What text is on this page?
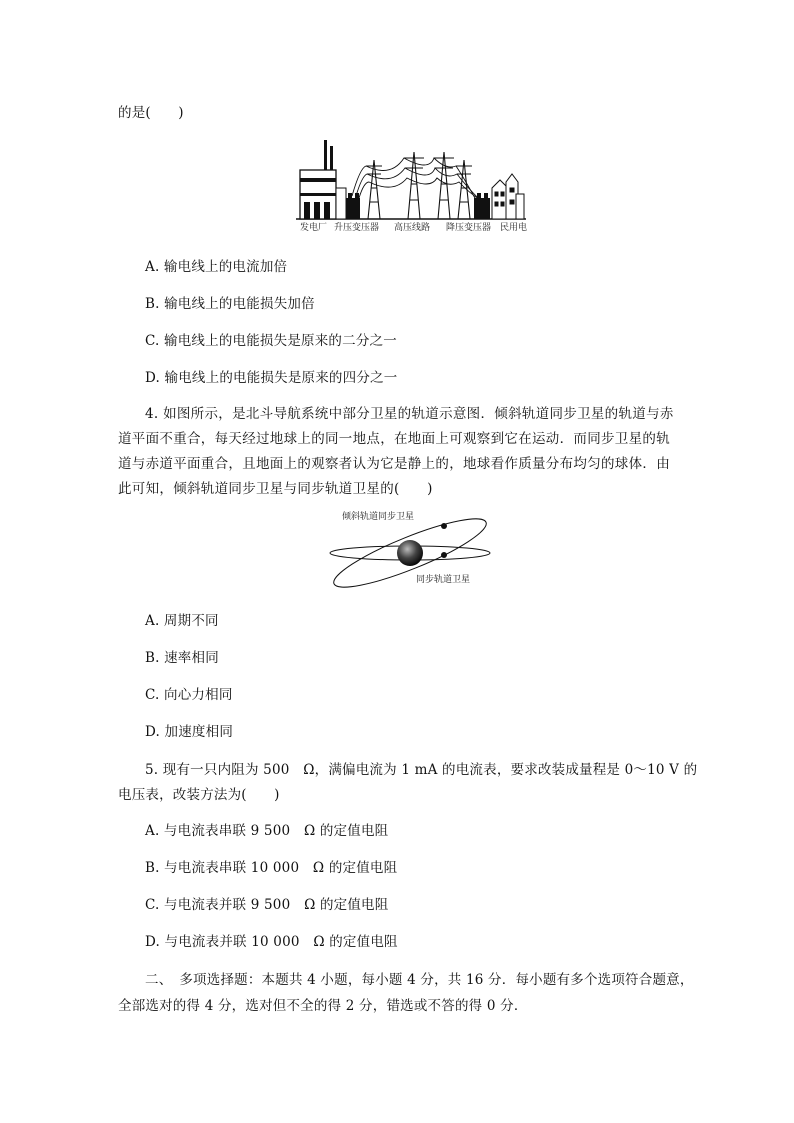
的是(　　)
发电厂 升压变压器 高压线路 降压变压器 民用电
A. 输电线上的电流加倍
B. 输电线上的电能损失加倍
C. 输电线上的电能损失是原来的二分之一
D. 输电线上的电能损失是原来的四分之一
4. 如图所示，是北斗导航系统中部分卫星的轨道示意图．倾斜轨道同步卫星的轨道与赤道平面不重合，每天经过地球上的同一地点，在地面上可观察到它在运动．而同步卫星的轨道与赤道平面重合，且地面上的观察者认为它是静上的，地球看作质量分布均匀的球体．由此可知，倾斜轨道同步卫星与同步轨道卫星的(　　)
倾斜轨道同步卫星
同步轨道卫星
A. 周期不同
B. 速率相同
C. 向心力相同
D. 加速度相同
5. 现有一只内阻为 500　Ω，满偏电流为 1 mA 的电流表，要求改装成量程是 0～10 V 的
电压表，改装方法为(　　)
A. 与电流表串联 9 500　Ω 的定值电阻
B. 与电流表串联 10 000　Ω 的定值电阻
C. 与电流表并联 9 500　Ω 的定值电阻
D. 与电流表并联 10 000　Ω 的定值电阻
二、　多项选择题：本题共 4 小题，每小题 4 分，共 16 分．每小题有多个选项符合题意，
全部选对的得 4 分，选对但不全的得 2 分，错选或不答的得 0 分．
